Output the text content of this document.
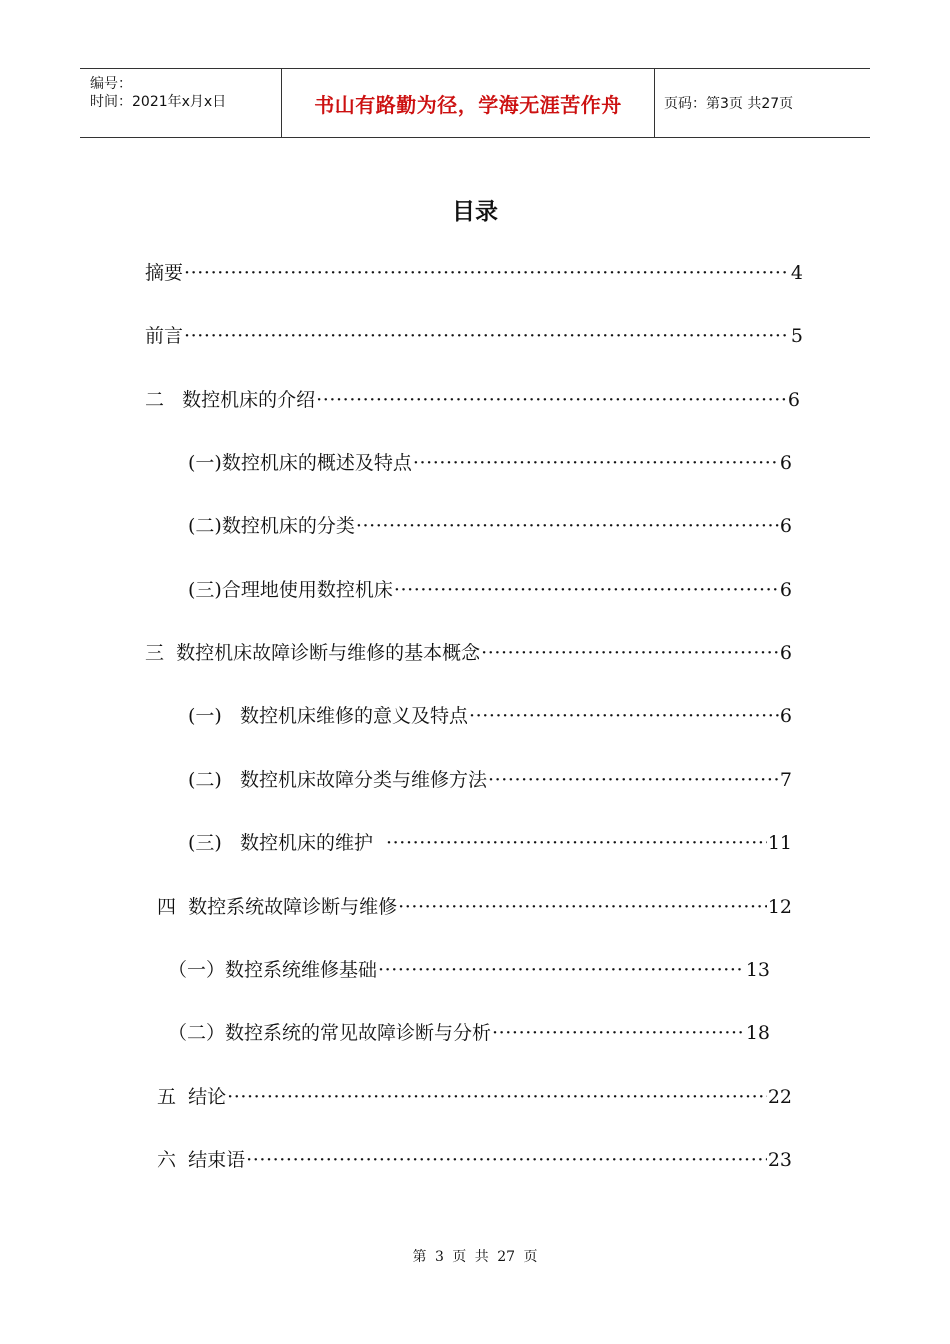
编号：
时间：2021年x月x日	书山有路勤为径，学海无涯苦作舟	页码：第3页 共27页
目录
摘要 ·····	4
前言 ·····	5
二   数控机床的介绍 ·····	6
(一)数控机床的概述及特点 ·····	6
(二)数控机床的分类 ·····	6
(三)合理地使用数控机床 ·····	6
三  数控机床故障诊断与维修的基本概念 ·····	6
(一)   数控机床维修的意义及特点 ·····	6
(二)   数控机床故障分类与维修方法 ·····	7
(三)   数控机床的维护 ·····	11
四  数控系统故障诊断与维修 ·····	12
（一）数控系统维修基础 ·····	13
（二）数控系统的常见故障诊断与分析 ·····	18
五  结论 ·····	22
六  结束语 ·····	23
第 3 页 共 27 页
